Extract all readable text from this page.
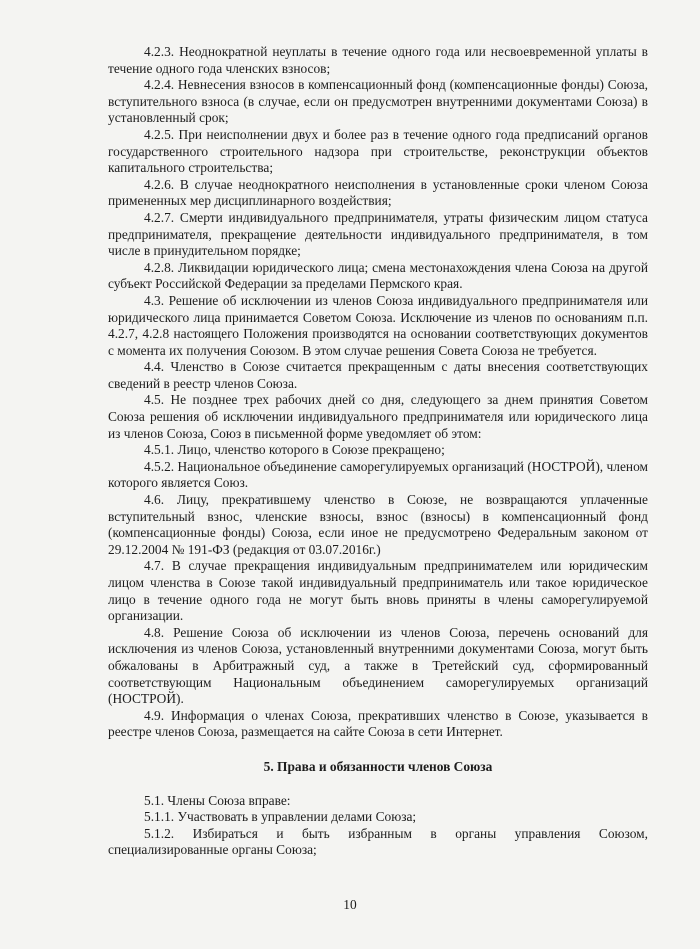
4.2.3. Неоднократной неуплаты в течение одного года или несвоевременной уплаты в течение одного года членских взносов;

4.2.4. Невнесения взносов в компенсационный фонд (компенсационные фонды) Союза, вступительного взноса (в случае, если он предусмотрен внутренними документами Союза) в установленный срок;

4.2.5. При неисполнении двух и более раз в течение одного года предписаний органов государственного строительного надзора при строительстве, реконструкции объектов капитального строительства;

4.2.6. В случае неоднократного неисполнения в установленные сроки членом Союза примененных мер дисциплинарного воздействия;

4.2.7. Смерти индивидуального предпринимателя, утраты физическим лицом статуса предпринимателя, прекращение деятельности индивидуального предпринимателя, в том числе в принудительном порядке;

4.2.8. Ликвидации юридического лица; смена местонахождения члена Союза на другой субъект Российской Федерации за пределами Пермского края.

4.3. Решение об исключении из членов Союза индивидуального предпринимателя или юридического лица принимается Советом Союза. Исключение из членов по основаниям п.п. 4.2.7, 4.2.8 настоящего Положения производятся на основании соответствующих документов с момента их получения Союзом. В этом случае решения Совета Союза не требуется.

4.4. Членство в Союзе считается прекращенным с даты внесения соответствующих сведений в реестр членов Союза.

4.5. Не позднее трех рабочих дней со дня, следующего за днем принятия Советом Союза решения об исключении индивидуального предпринимателя или юридического лица из членов Союза, Союз в письменной форме уведомляет об этом:

4.5.1. Лицо, членство которого в Союзе прекращено;

4.5.2. Национальное объединение саморегулируемых организаций (НОСТРОЙ), членом которого является Союз.

4.6. Лицу, прекратившему членство в Союзе, не возвращаются уплаченные вступительный взнос, членские взносы, взнос (взносы) в компенсационный фонд (компенсационные фонды) Союза, если иное не предусмотрено Федеральным законом от 29.12.2004 № 191-ФЗ (редакция от 03.07.2016г.)

4.7. В случае прекращения индивидуальным предпринимателем или юридическим лицом членства в Союзе такой индивидуальный предприниматель или такое юридическое лицо в течение одного года не могут быть вновь приняты в члены саморегулируемой организации.

4.8. Решение Союза об исключении из членов Союза, перечень оснований для исключения из членов Союза, установленный внутренними документами Союза, могут быть обжалованы в Арбитражный суд, а также в Третейский суд, сформированный соответствующим Национальным объединением саморегулируемых организаций (НОСТРОЙ).

4.9. Информация о членах Союза, прекративших членство в Союзе, указывается в реестре членов Союза, размещается на сайте Союза в сети Интернет.

5. Права и обязанности членов Союза

5.1. Члены Союза вправе:

5.1.1. Участвовать в управлении делами Союза;

5.1.2. Избираться и быть избранным в органы управления Союзом, специализированные органы Союза;

10
